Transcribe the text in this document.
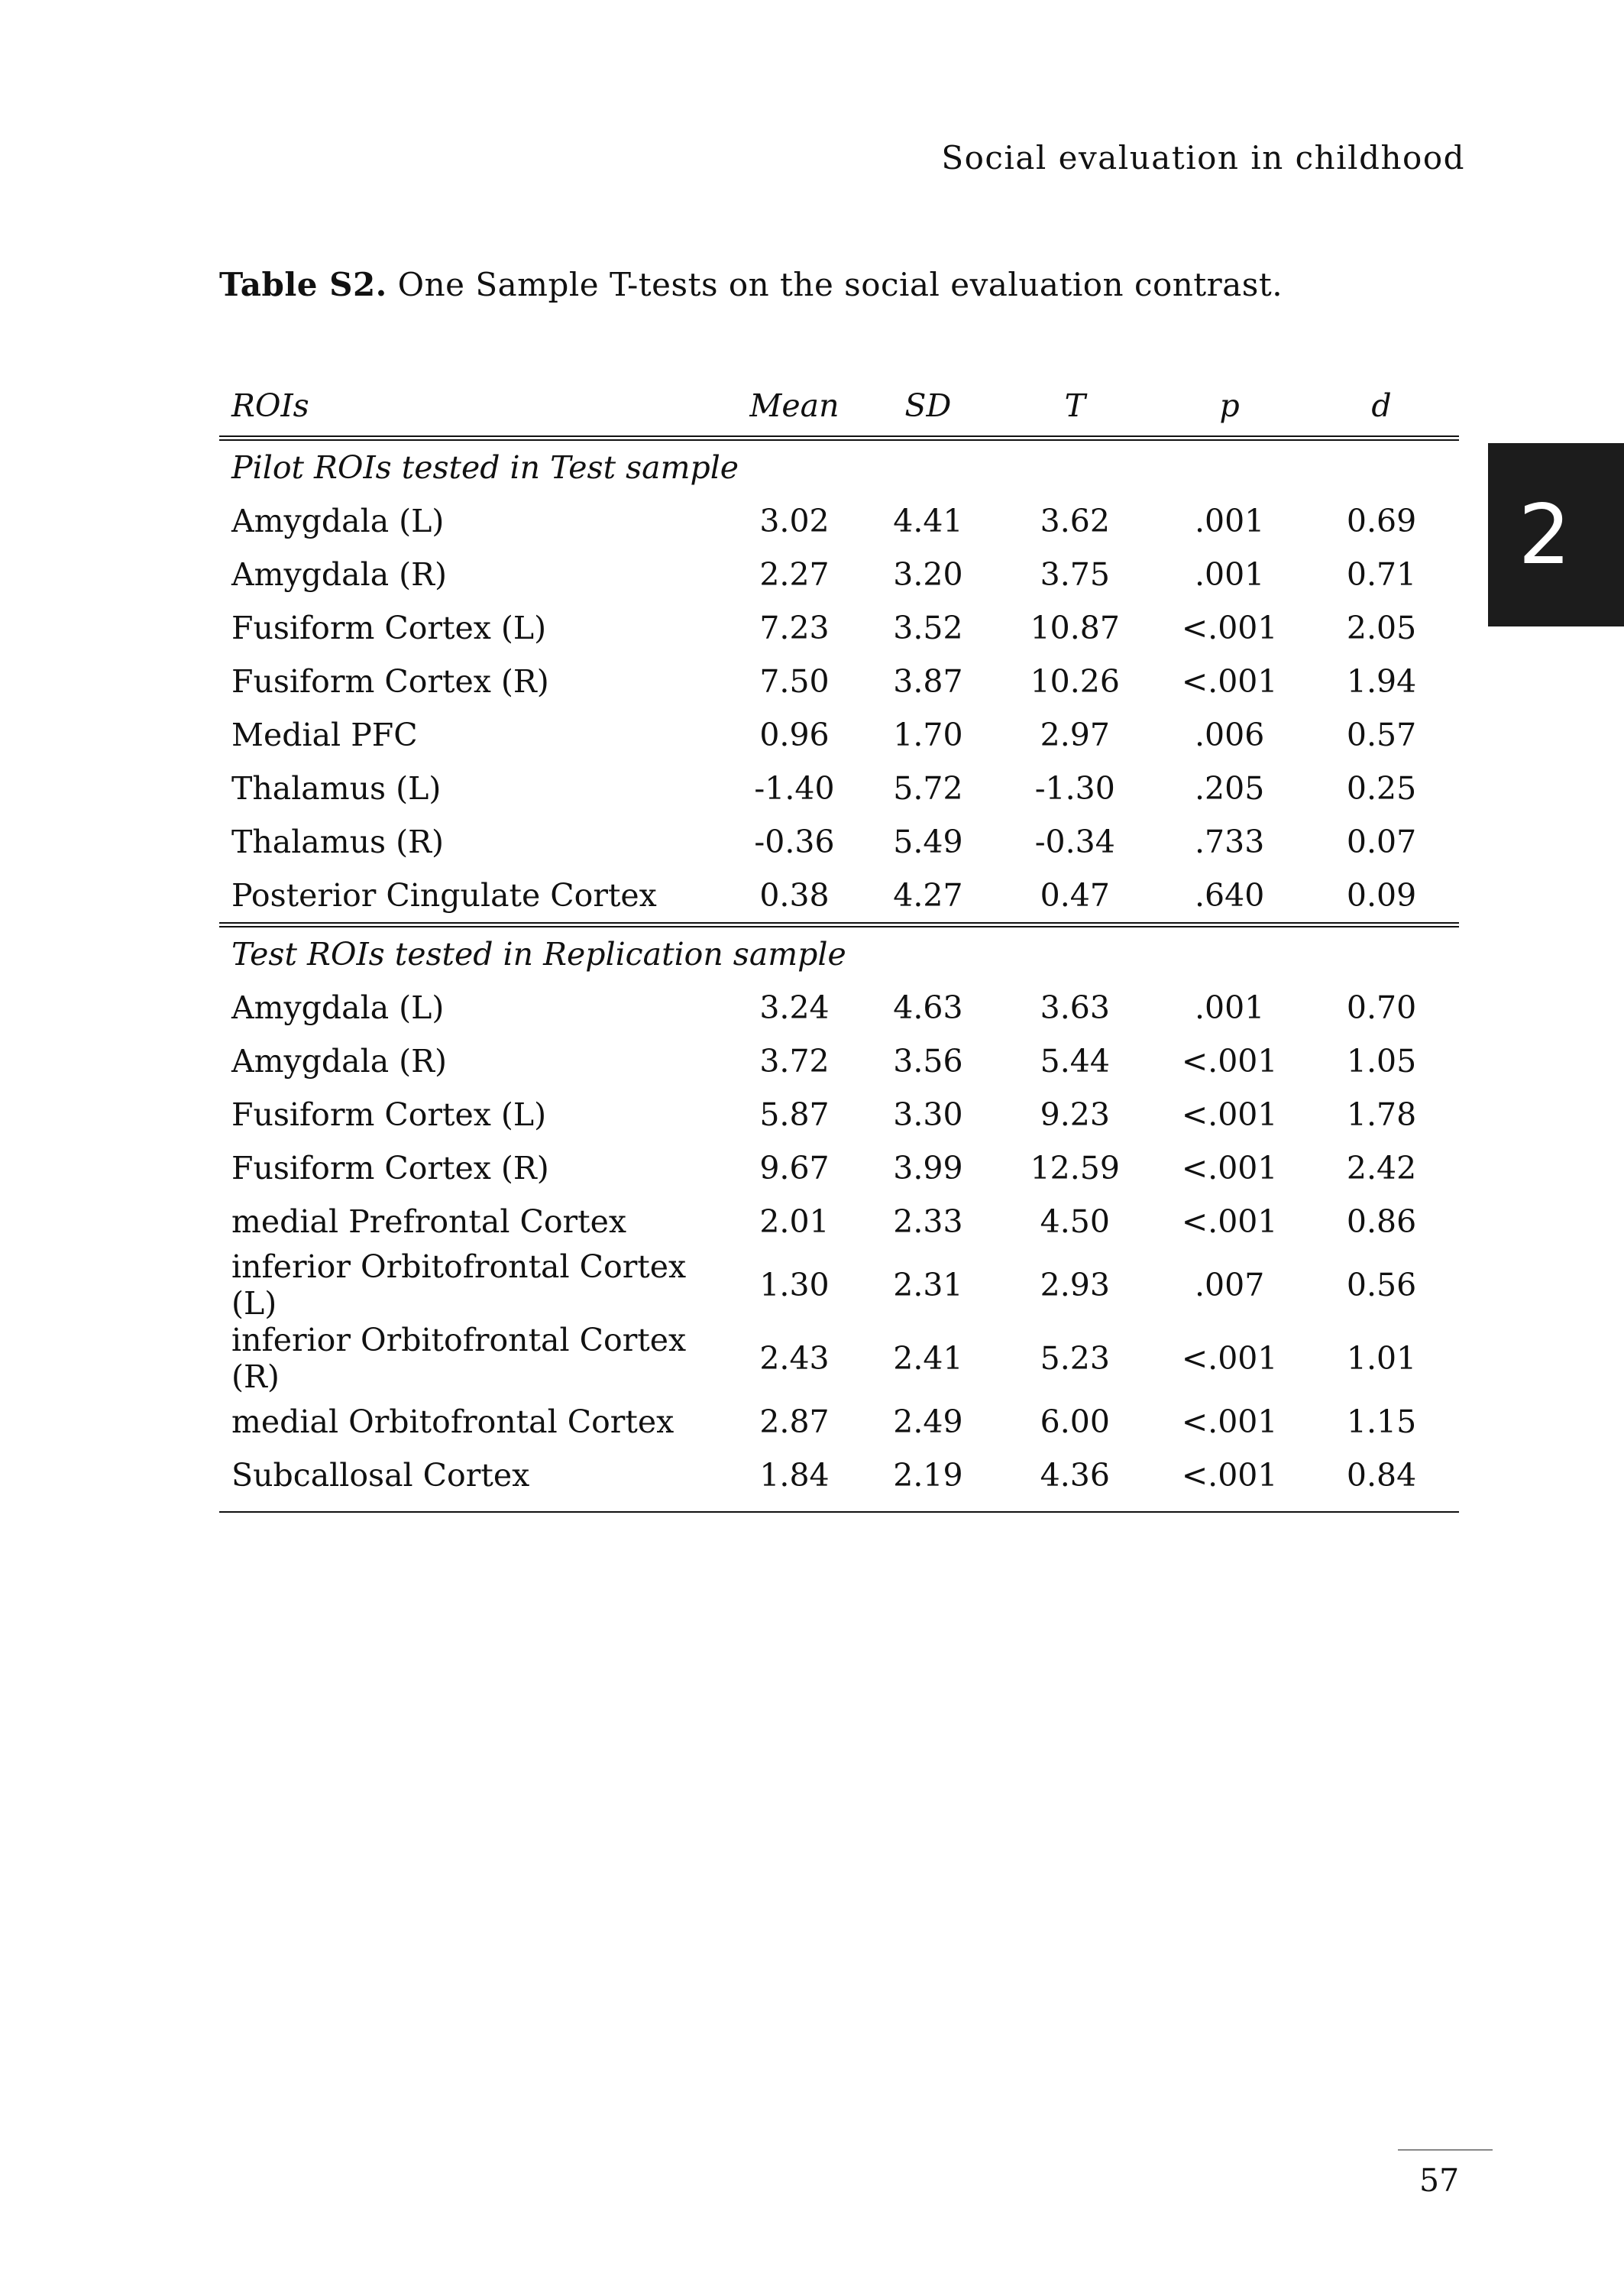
Social evaluation in childhood
2
Table S2. One Sample T-tests on the social evaluation contrast.
ROIs	Mean	SD	T	p	d
Pilot ROIs tested in Test sample					
Amygdala (L)	3.02	4.41	3.62	.001	0.69
Amygdala (R)	2.27	3.20	3.75	.001	0.71
Fusiform Cortex (L)	7.23	3.52	10.87	<.001	2.05
Fusiform Cortex (R)	7.50	3.87	10.26	<.001	1.94
Medial PFC	0.96	1.70	2.97	.006	0.57
Thalamus (L)	-1.40	5.72	-1.30	.205	0.25
Thalamus (R)	-0.36	5.49	-0.34	.733	0.07
Posterior Cingulate Cortex	0.38	4.27	0.47	.640	0.09
Test ROIs tested in Replication sample					
Amygdala (L)	3.24	4.63	3.63	.001	0.70
Amygdala (R)	3.72	3.56	5.44	<.001	1.05
Fusiform Cortex (L)	5.87	3.30	9.23	<.001	1.78
Fusiform Cortex (R)	9.67	3.99	12.59	<.001	2.42
medial Prefrontal Cortex	2.01	2.33	4.50	<.001	0.86
inferior Orbitofrontal Cortex (L)	1.30	2.31	2.93	.007	0.56
inferior Orbitofrontal Cortex (R)	2.43	2.41	5.23	<.001	1.01
medial Orbitofrontal Cortex	2.87	2.49	6.00	<.001	1.15
Subcallosal Cortex	1.84	2.19	4.36	<.001	0.84
57
